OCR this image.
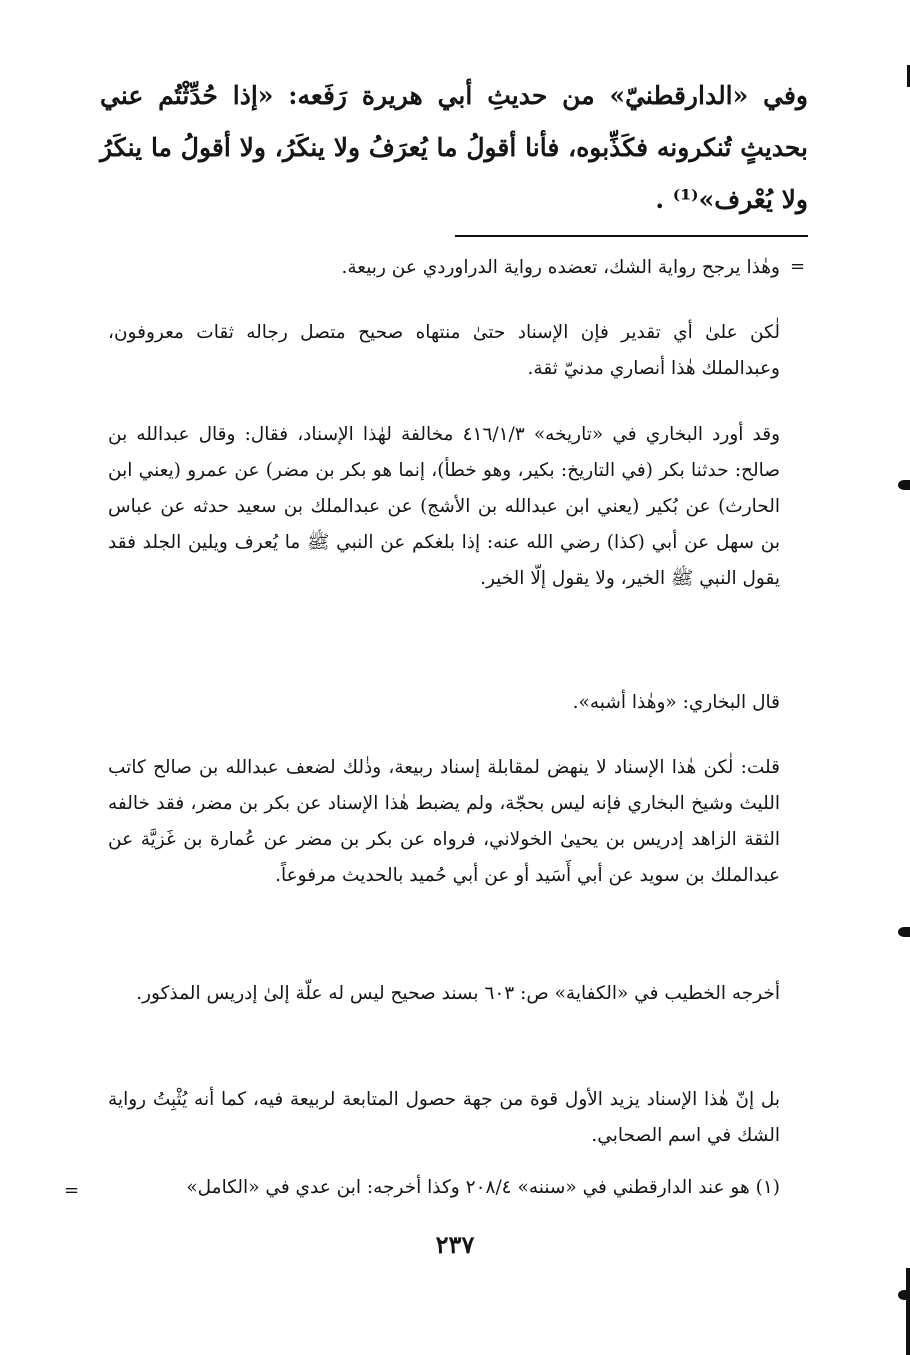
وفي «الدارقطنيّ» من حديثِ أبي هريرة رَفَعه: «إذا حُدِّثْتُم عني بحديثٍ تُنكرونه فكَذِّبوه، فأنا أقولُ ما يُعرَفُ ولا ينكَرُ، ولا أقولُ ما ينكَرُ ولا يُعْرف»⁽¹⁾ .
=
وهٰذا يرجح رواية الشك، تعضده رواية الدراوردي عن ربيعة.
لٰكن علىٰ أي تقدير فإن الإسناد حتىٰ منتهاه صحيح متصل رجاله ثقات معروفون، وعبدالملك هٰذا أنصاري مدنيّ ثقة.
وقد أورد البخاري في «تاريخه» ٤١٦/١/٣ مخالفة لهٰذا الإسناد، فقال: وقال عبدالله بن صالح: حدثنا بكر (في التاريخ: بكير، وهو خطأ)، إنما هو بكر بن مضر) عن عمرو (يعني ابن الحارث) عن بُكير (يعني ابن عبدالله بن الأشج) عن عبدالملك بن سعيد حدثه عن عباس بن سهل عن أبي (كذا) رضي الله عنه: إذا بلغكم عن النبي ﷺ ما يُعرف ويلين الجلد فقد يقول النبي ﷺ الخير، ولا يقول إلّا الخير.
قال البخاري: «وهٰذا أشبه».
قلت: لٰكن هٰذا الإسناد لا ينهض لمقابلة إسناد ربيعة، وذٰلك لضعف عبدالله بن صالح كاتب الليث وشيخ البخاري فإنه ليس بحجّة، ولم يضبط هٰذا الإسناد عن بكر بن مضر، فقد خالفه الثقة الزاهد إدريس بن يحيىٰ الخولاني، فرواه عن بكر بن مضر عن عُمارة بن غَزيَّة عن عبدالملك بن سويد عن أبي أَسَيد أو عن أبي حُميد بالحديث مرفوعاً.
أخرجه الخطيب في «الكفاية» ص: ٦٠٣ بسند صحيح ليس له علّة إلىٰ إدريس المذكور.
بل إنّ هٰذا الإسناد يزيد الأول قوة من جهة حصول المتابعة لربيعة فيه، كما أنه يُثْبِتُ رواية الشك في اسم الصحابي.
(١) هو عند الدارقطني في «سننه» ٢٠٨/٤ وكذا أخرجه: ابن عدي في «الكامل»
=
٢٣٧
